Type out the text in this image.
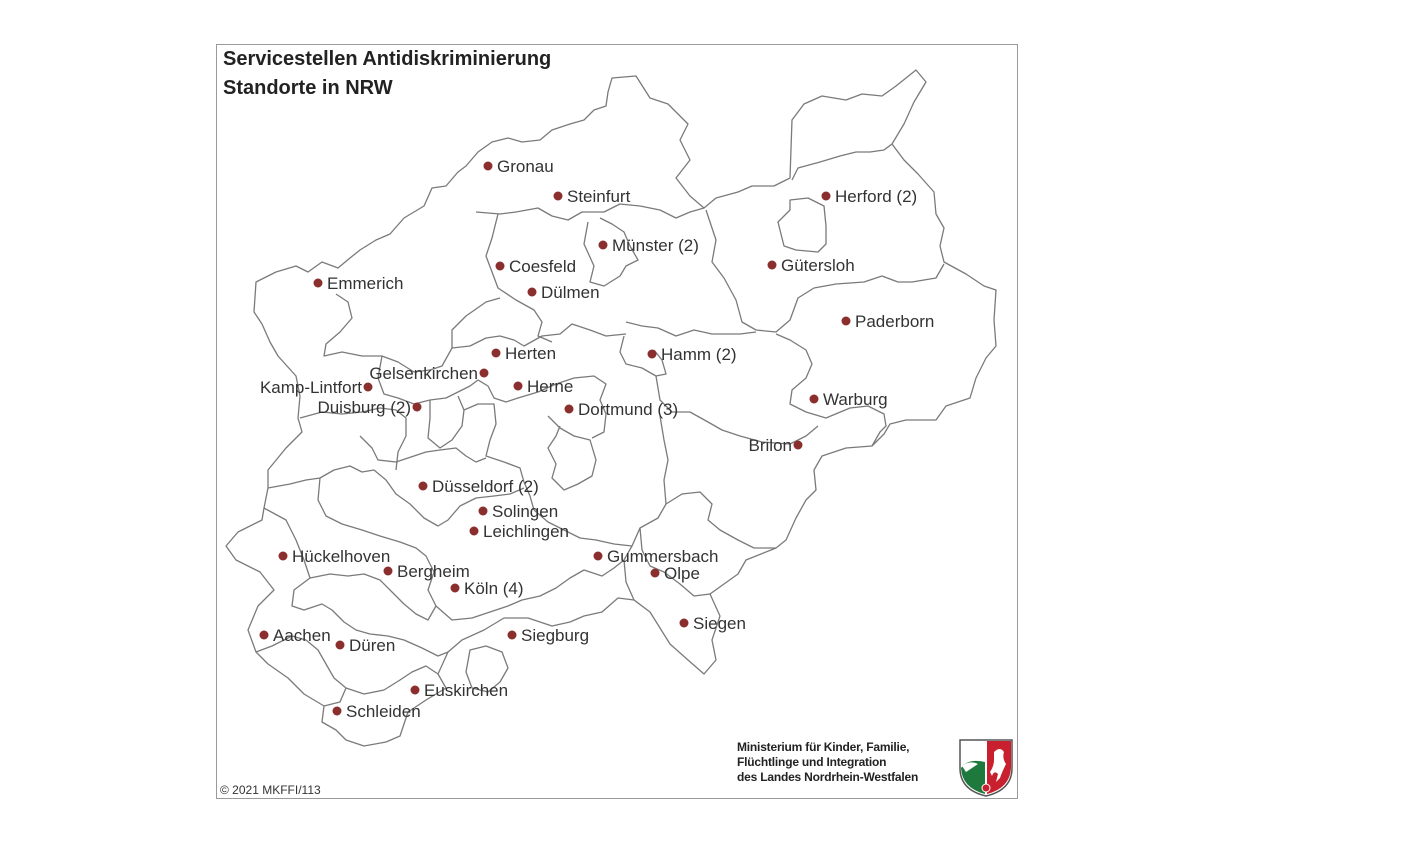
Gronau
Steinfurt	Herford (2)
Münster (2)
Coesfeld	Gütersloh
Emmerich	Dülmen
Paderborn
Herten	Hamm (2)
Gelsenkirchen
Kamp-Lintfort	Herne
Warburg
Duisburg (2)	Dortmund (3)
Brilon
Düsseldorf (2)
Solingen
Leichlingen
Hückelhoven	Gummersbach
Bergheim	Olpe
Köln (4)
Siegen
Aachen	Siegburg
Düren
Euskirchen
Schleiden
Servicestellen Antidiskriminierung
Standorte in NRW
© 2021 MKFFI/113
Ministerium für Kinder, Familie,
Flüchtlinge und Integration
des Landes Nordrhein-Westfalen
